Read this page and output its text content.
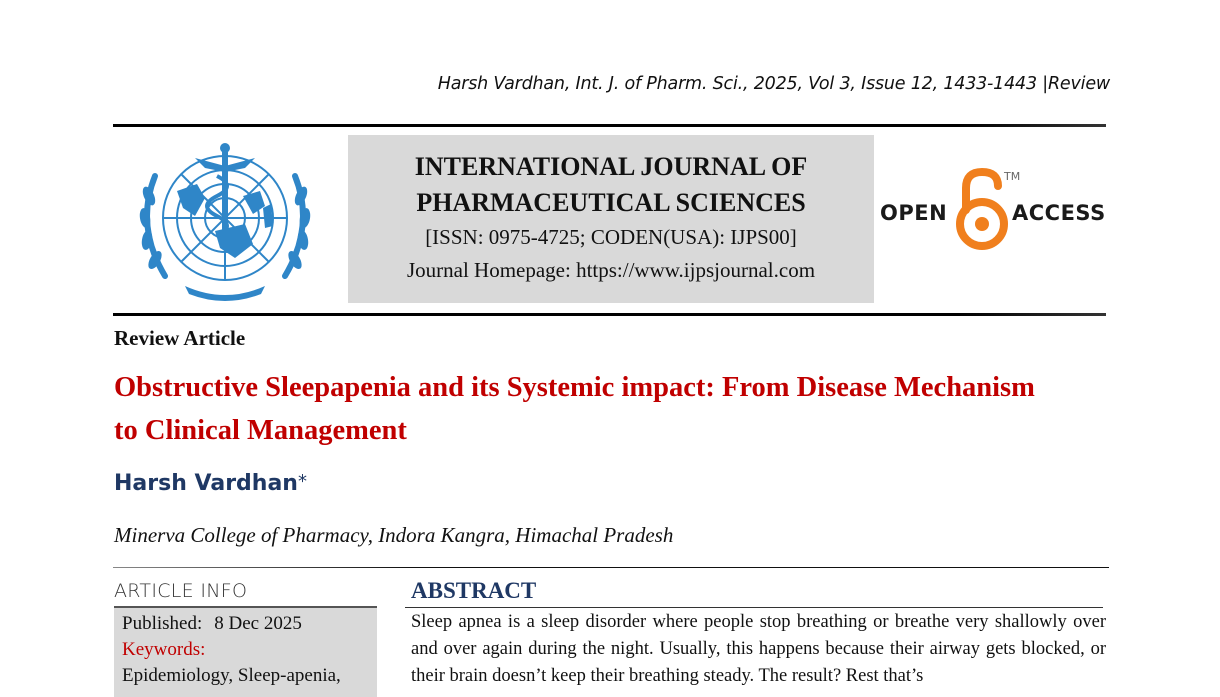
Harsh Vardhan, Int. J. of Pharm. Sci., 2025, Vol 3, Issue 12, 1433-1443 |Review
INTERNATIONAL JOURNAL OF
PHARMACEUTICAL SCIENCES
[ISSN: 0975-4725; CODEN(USA): IJPS00]
Journal Homepage: https://www.ijpsjournal.com
OPEN
TM
ACCESS
Review Article
Obstructive Sleepapenia and its Systemic impact: From Disease Mechanism to Clinical Management
Harsh Vardhan*
Minerva College of Pharmacy, Indora Kangra, Himachal Pradesh
ARTICLE INFO
Published: 8 Dec 2025
Keywords:
Epidemiology, Sleep-apenia,
ABSTRACT
Sleep apnea is a sleep disorder where people stop breathing or breathe very shallowly over and over again during the night. Usually, this happens because their airway gets blocked, or their brain doesn’t keep their breathing steady. The result? Rest that’s
